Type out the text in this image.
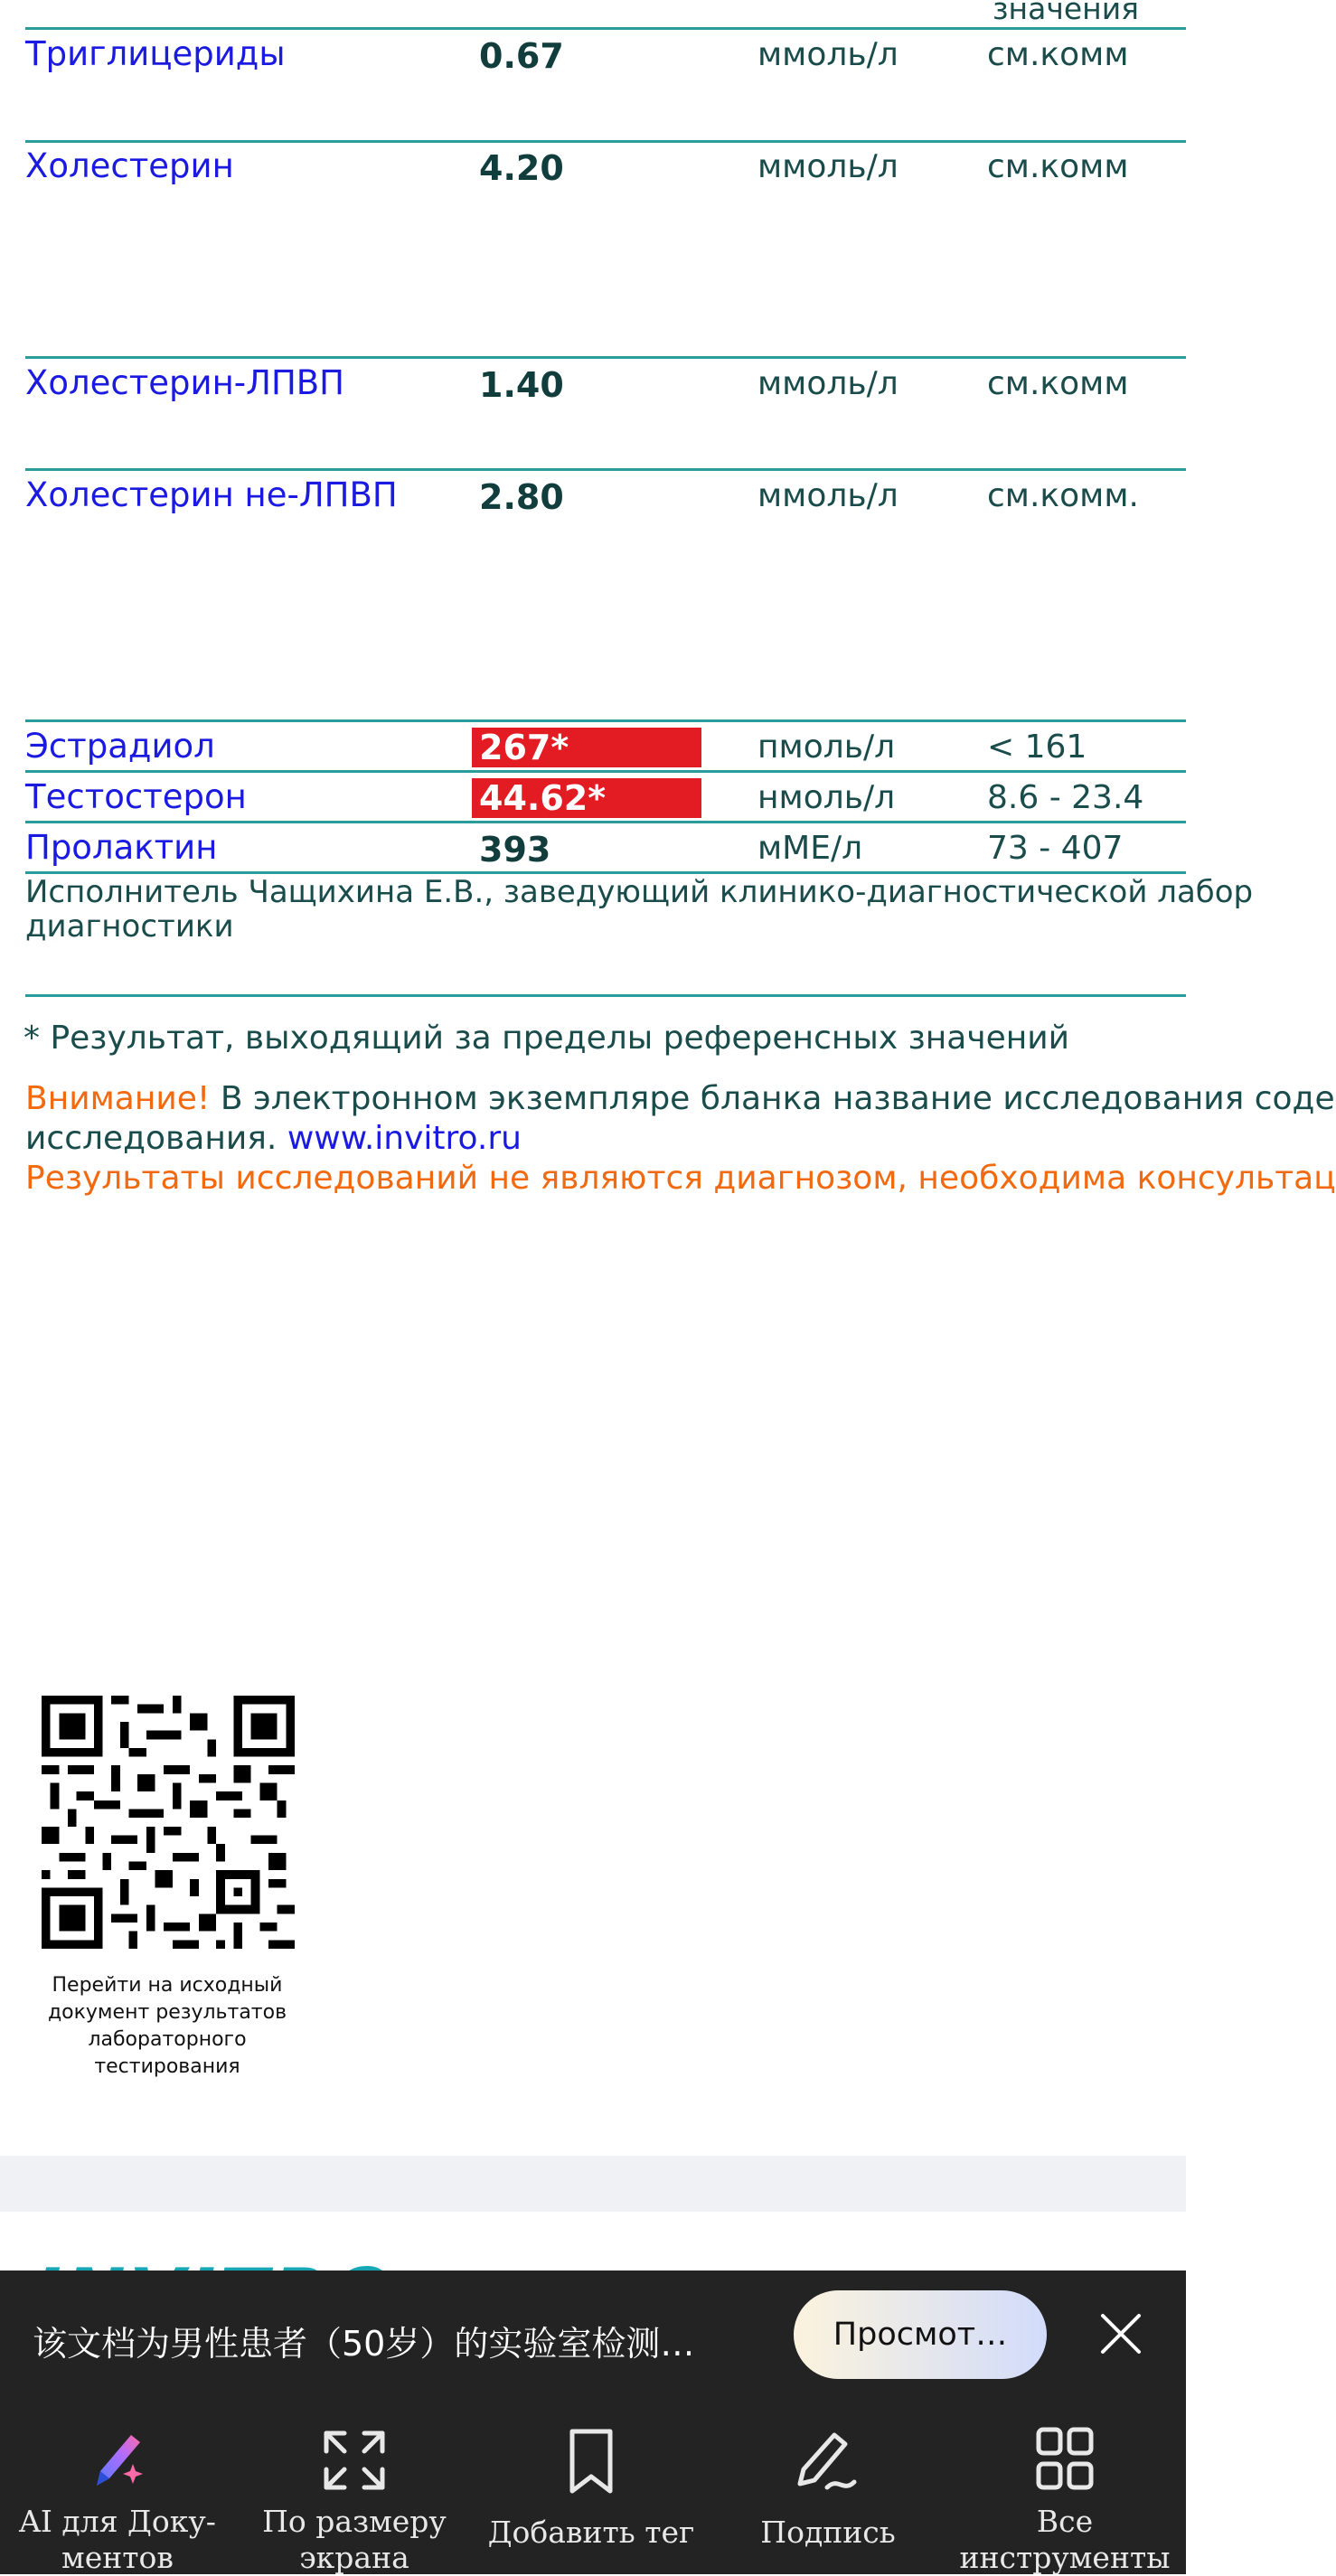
значения
Триглицериды	0.67	ммоль/л	см.комм
Холестерин	4.20	ммоль/л	см.комм
Холестерин-ЛПВП	1.40	ммоль/л	см.комм
Холестерин не-ЛПВП 2.80	ммоль/л	см.комм.
Эстрадиол	267*	пмоль/л	< 161
Тестостерон	44.62*	нмоль/л	8.6 - 23.4
Пролактин	393	мМЕ/л	73 - 407
Исполнитель Чащихина Е.В., заведующий клинико-диагностической лабор
диагностики
* Результат, выходящий за пределы референсных значений
Внимание! В электронном экземпляре бланка название исследования соде
исследования. www.invitro.ru
Результаты исследований не являются диагнозом, необходима консультац
Перейти на исходный
документ результатов
лабораторного тестирования
该文档为男性患者（50岁）的实验室检测…	Просмот…
AI для Доку-
ментов
По размеру
экрана
Добавить тег	Подпись	Все
инструменты
